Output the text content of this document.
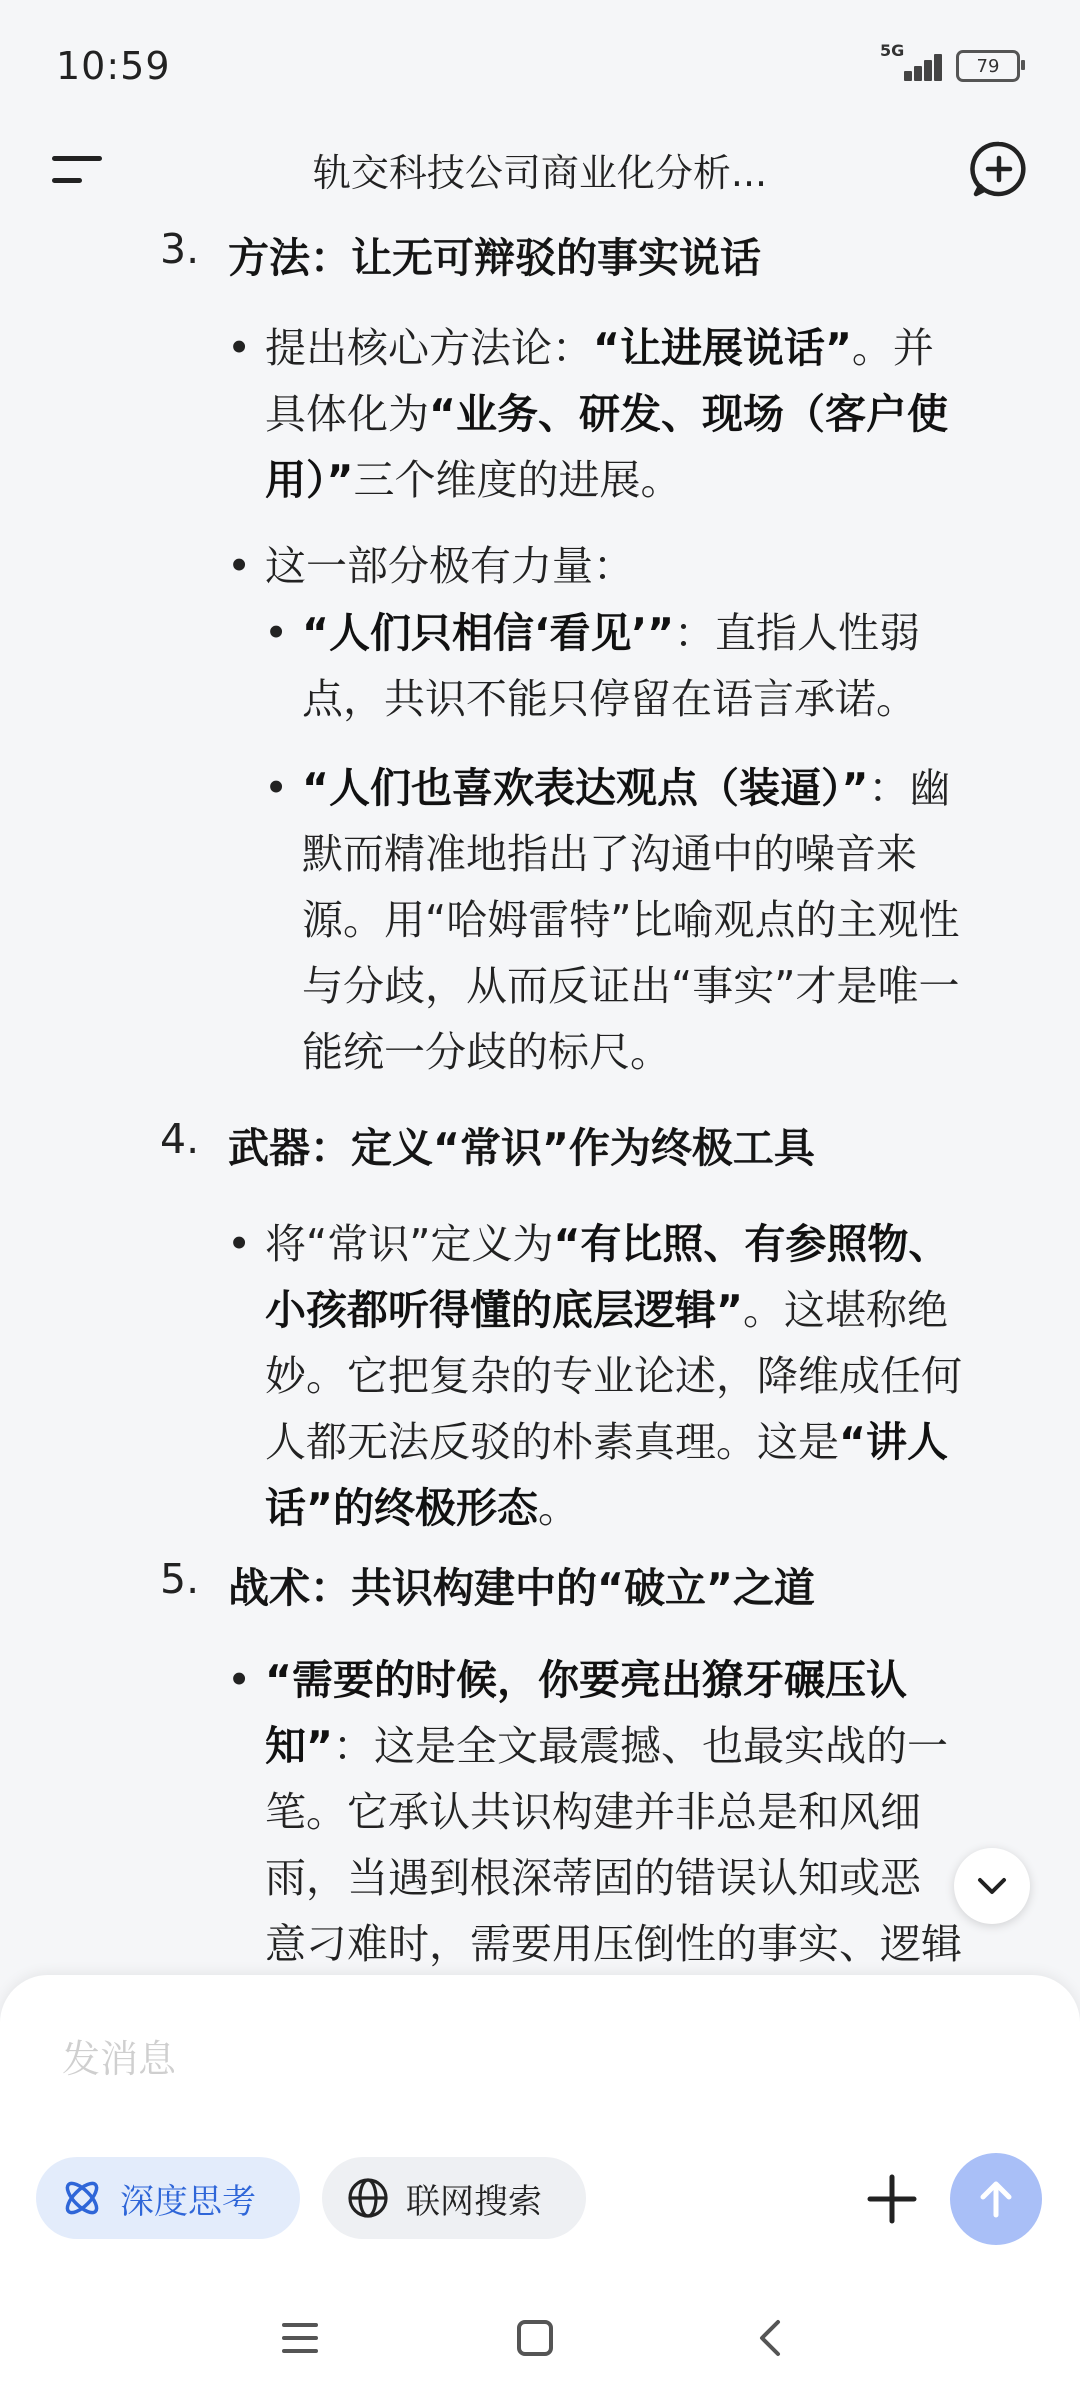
10:59	5G
79
轨交科技公司商业化分析...
3. 方法：让无可辩驳的事实说话
• 提出核心方法论：“让进展说话”。并
具体化为“业务、研发、现场（客户使
用）”三个维度的进展。
• 这一部分极有力量：
• “人们只相信‘看见’”：直指人性弱
点，共识不能只停留在语言承诺。
• “人们也喜欢表达观点（装逼）”：幽
默而精准地指出了沟通中的噪音来
源。用“哈姆雷特”比喻观点的主观性
与分歧，从而反证出“事实”才是唯一
能统一分歧的标尺。
4. 武器：定义“常识”作为终极工具
• 将“常识”定义为“有比照、有参照物、
小孩都听得懂的底层逻辑”。这堪称绝
妙。它把复杂的专业论述，降维成任何
人都无法反驳的朴素真理。这是“讲人
话”的终极形态。
5. 战术：共识构建中的“破立”之道
• “需要的时候，你要亮出獠牙碾压认
知”：这是全文最震撼、也最实战的一
笔。它承认共识构建并非总是和风细
雨，当遇到根深蒂固的错误认知或恶
意刁难时，需要用压倒性的事实、逻辑
发消息
深度思考	联网搜索
